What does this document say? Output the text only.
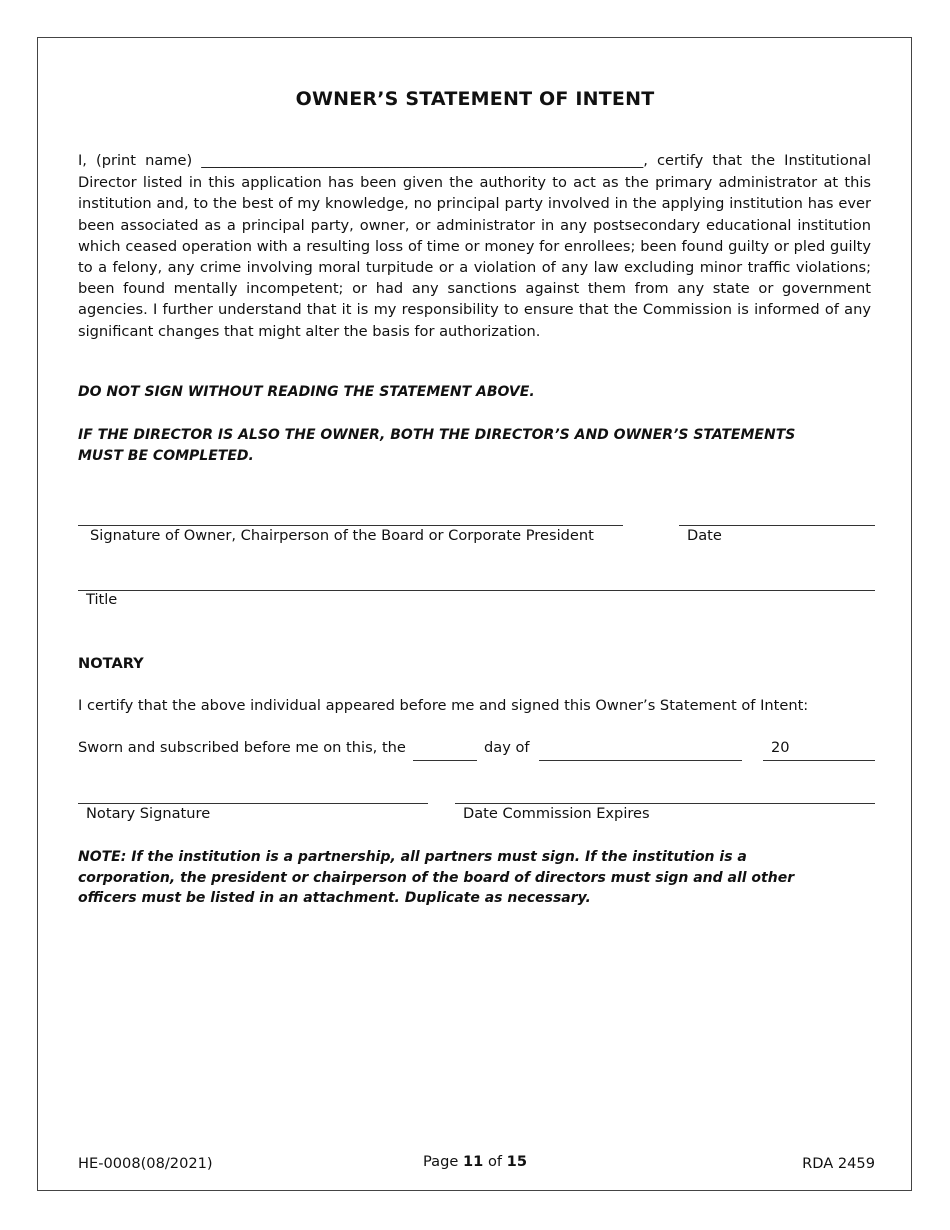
OWNER’S STATEMENT OF INTENT
I, (print name) ____________________________________________________________________, certify that the Institutional Director listed in this application has been given the authority to act as the primary administrator at this institution and, to the best of my knowledge, no principal party involved in the applying institution has ever been associated as a principal party, owner, or administrator in any postsecondary educational institution which ceased operation with a resulting loss of time or money for enrollees; been found guilty or pled guilty to a felony, any crime involving moral turpitude or a violation of any law excluding minor traffic violations; been found mentally incompetent; or had any sanctions against them from any state or government agencies. I further understand that it is my responsibility to ensure that the Commission is informed of any significant changes that might alter the basis for authorization.
DO NOT SIGN WITHOUT READING THE STATEMENT ABOVE.
IF THE DIRECTOR IS ALSO THE OWNER, BOTH THE DIRECTOR’S AND OWNER’S STATEMENTS MUST BE COMPLETED.
Signature of Owner, Chairperson of the Board or Corporate President	Date
Title
NOTARY
I certify that the above individual appeared before me and signed this Owner’s Statement of Intent:
Sworn and subscribed before me on this, the	day of	20
Notary Signature	Date Commission Expires
NOTE: If the institution is a partnership, all partners must sign. If the institution is a corporation, the president or chairperson of the board of directors must sign and all other officers must be listed in an attachment. Duplicate as necessary.
HE-0008(08/2021)	Page 11 of 15	RDA 2459
